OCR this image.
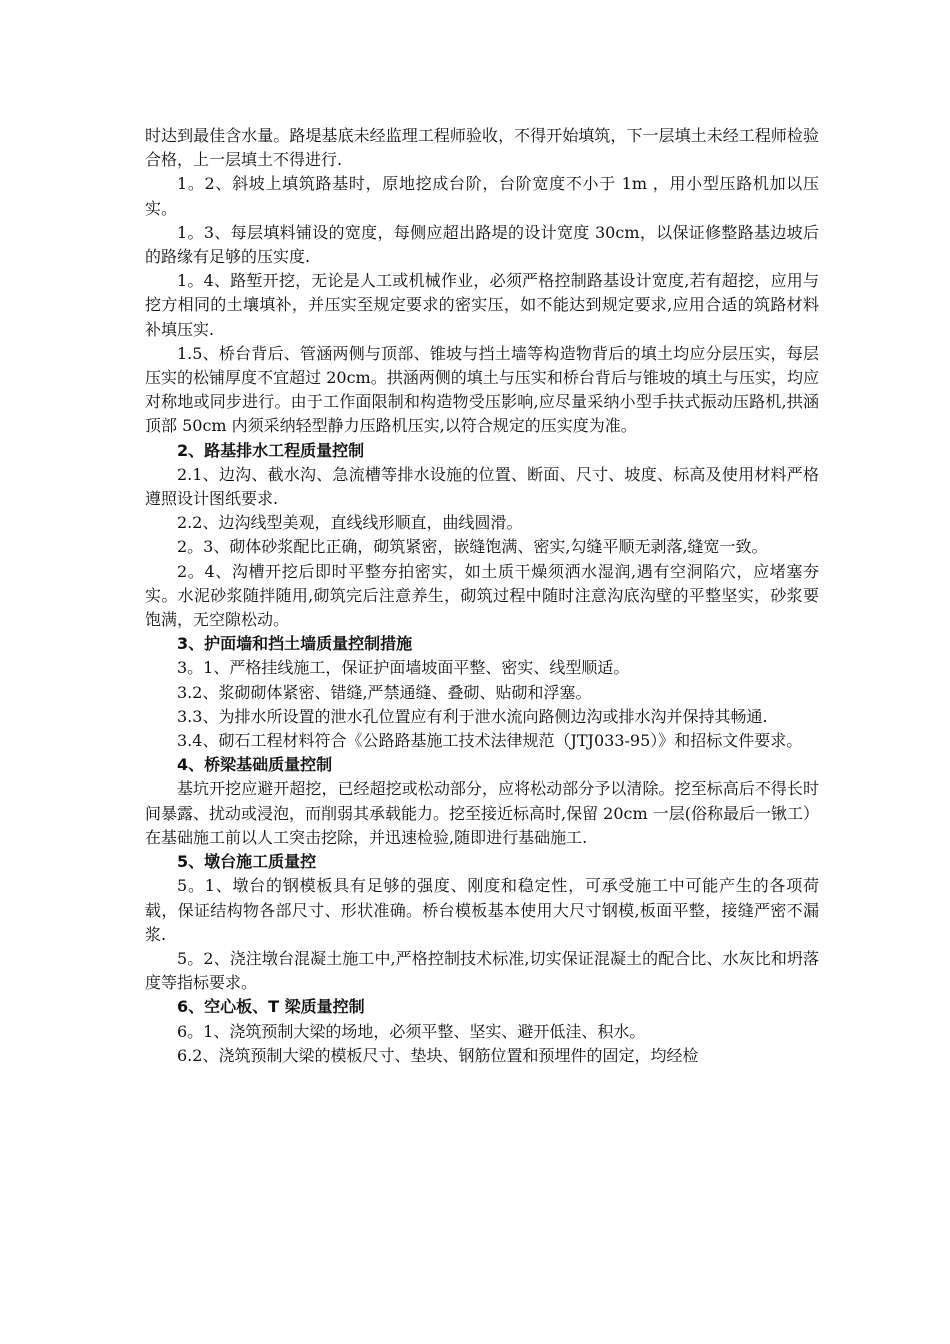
时达到最佳含水量。路堤基底未经监理工程师验收，不得开始填筑，下一层填土未经工程师检验合格，上一层填土不得进行.

1。2、斜坡上填筑路基时，原地挖成台阶，台阶宽度不小于 1m ，用小型压路机加以压实。

1。3、每层填料铺设的宽度，每侧应超出路堤的设计宽度 30cm，以保证修整路基边坡后的路缘有足够的压实度.

1。4、路堑开挖，无论是人工或机械作业，必须严格控制路基设计宽度,若有超挖，应用与挖方相同的土壤填补，并压实至规定要求的密实压，如不能达到规定要求,应用合适的筑路材料补填压实.

1.5、桥台背后、管涵两侧与顶部、锥坡与挡土墙等构造物背后的填土均应分层压实，每层压实的松铺厚度不宜超过 20cm。拱涵两侧的填土与压实和桥台背后与锥坡的填土与压实，均应对称地或同步进行。由于工作面限制和构造物受压影响,应尽量采纳小型手扶式振动压路机,拱涵顶部 50cm 内须采纳轻型静力压路机压实,以符合规定的压实度为准。

2、路基排水工程质量控制

2.1、边沟、截水沟、急流槽等排水设施的位置、断面、尺寸、坡度、标高及使用材料严格遵照设计图纸要求.

2.2、边沟线型美观，直线线形顺直，曲线圆滑。

2。3、砌体砂浆配比正确，砌筑紧密，嵌缝饱满、密实,勾缝平顺无剥落,缝宽一致。

2。4、沟槽开挖后即时平整夯拍密实，如土质干燥须洒水湿润,遇有空洞陷穴，应堵塞夯实。水泥砂浆随拌随用,砌筑完后注意养生，砌筑过程中随时注意沟底沟壁的平整坚实，砂浆要饱满，无空隙松动。

3、护面墙和挡土墙质量控制措施

3。1、严格挂线施工，保证护面墙坡面平整、密实、线型顺适。

3.2、浆砌砌体紧密、错缝,严禁通缝、叠砌、贴砌和浮塞。

3.3、为排水所设置的泄水孔位置应有利于泄水流向路侧边沟或排水沟并保持其畅通.

3.4、砌石工程材料符合《公路路基施工技术法律规范（JTJ033-95）》和招标文件要求。

4、桥梁基础质量控制

基坑开挖应避开超挖，已经超挖或松动部分，应将松动部分予以清除。挖至标高后不得长时间暴露、扰动或浸泡，而削弱其承载能力。挖至接近标高时,保留 20cm 一层(俗称最后一锹工）在基础施工前以人工突击挖除，并迅速检验,随即进行基础施工.

5、墩台施工质量控

5。1、墩台的钢模板具有足够的强度、刚度和稳定性，可承受施工中可能产生的各项荷载，保证结构物各部尺寸、形状准确。桥台模板基本使用大尺寸钢模,板面平整，接缝严密不漏浆.

5。2、浇注墩台混凝土施工中,严格控制技术标准,切实保证混凝土的配合比、水灰比和坍落度等指标要求。

6、空心板、T 梁质量控制

6。1、浇筑预制大梁的场地，必须平整、坚实、避开低洼、积水。

6.2、浇筑预制大梁的模板尺寸、垫块、钢筋位置和预埋件的固定，均经检
